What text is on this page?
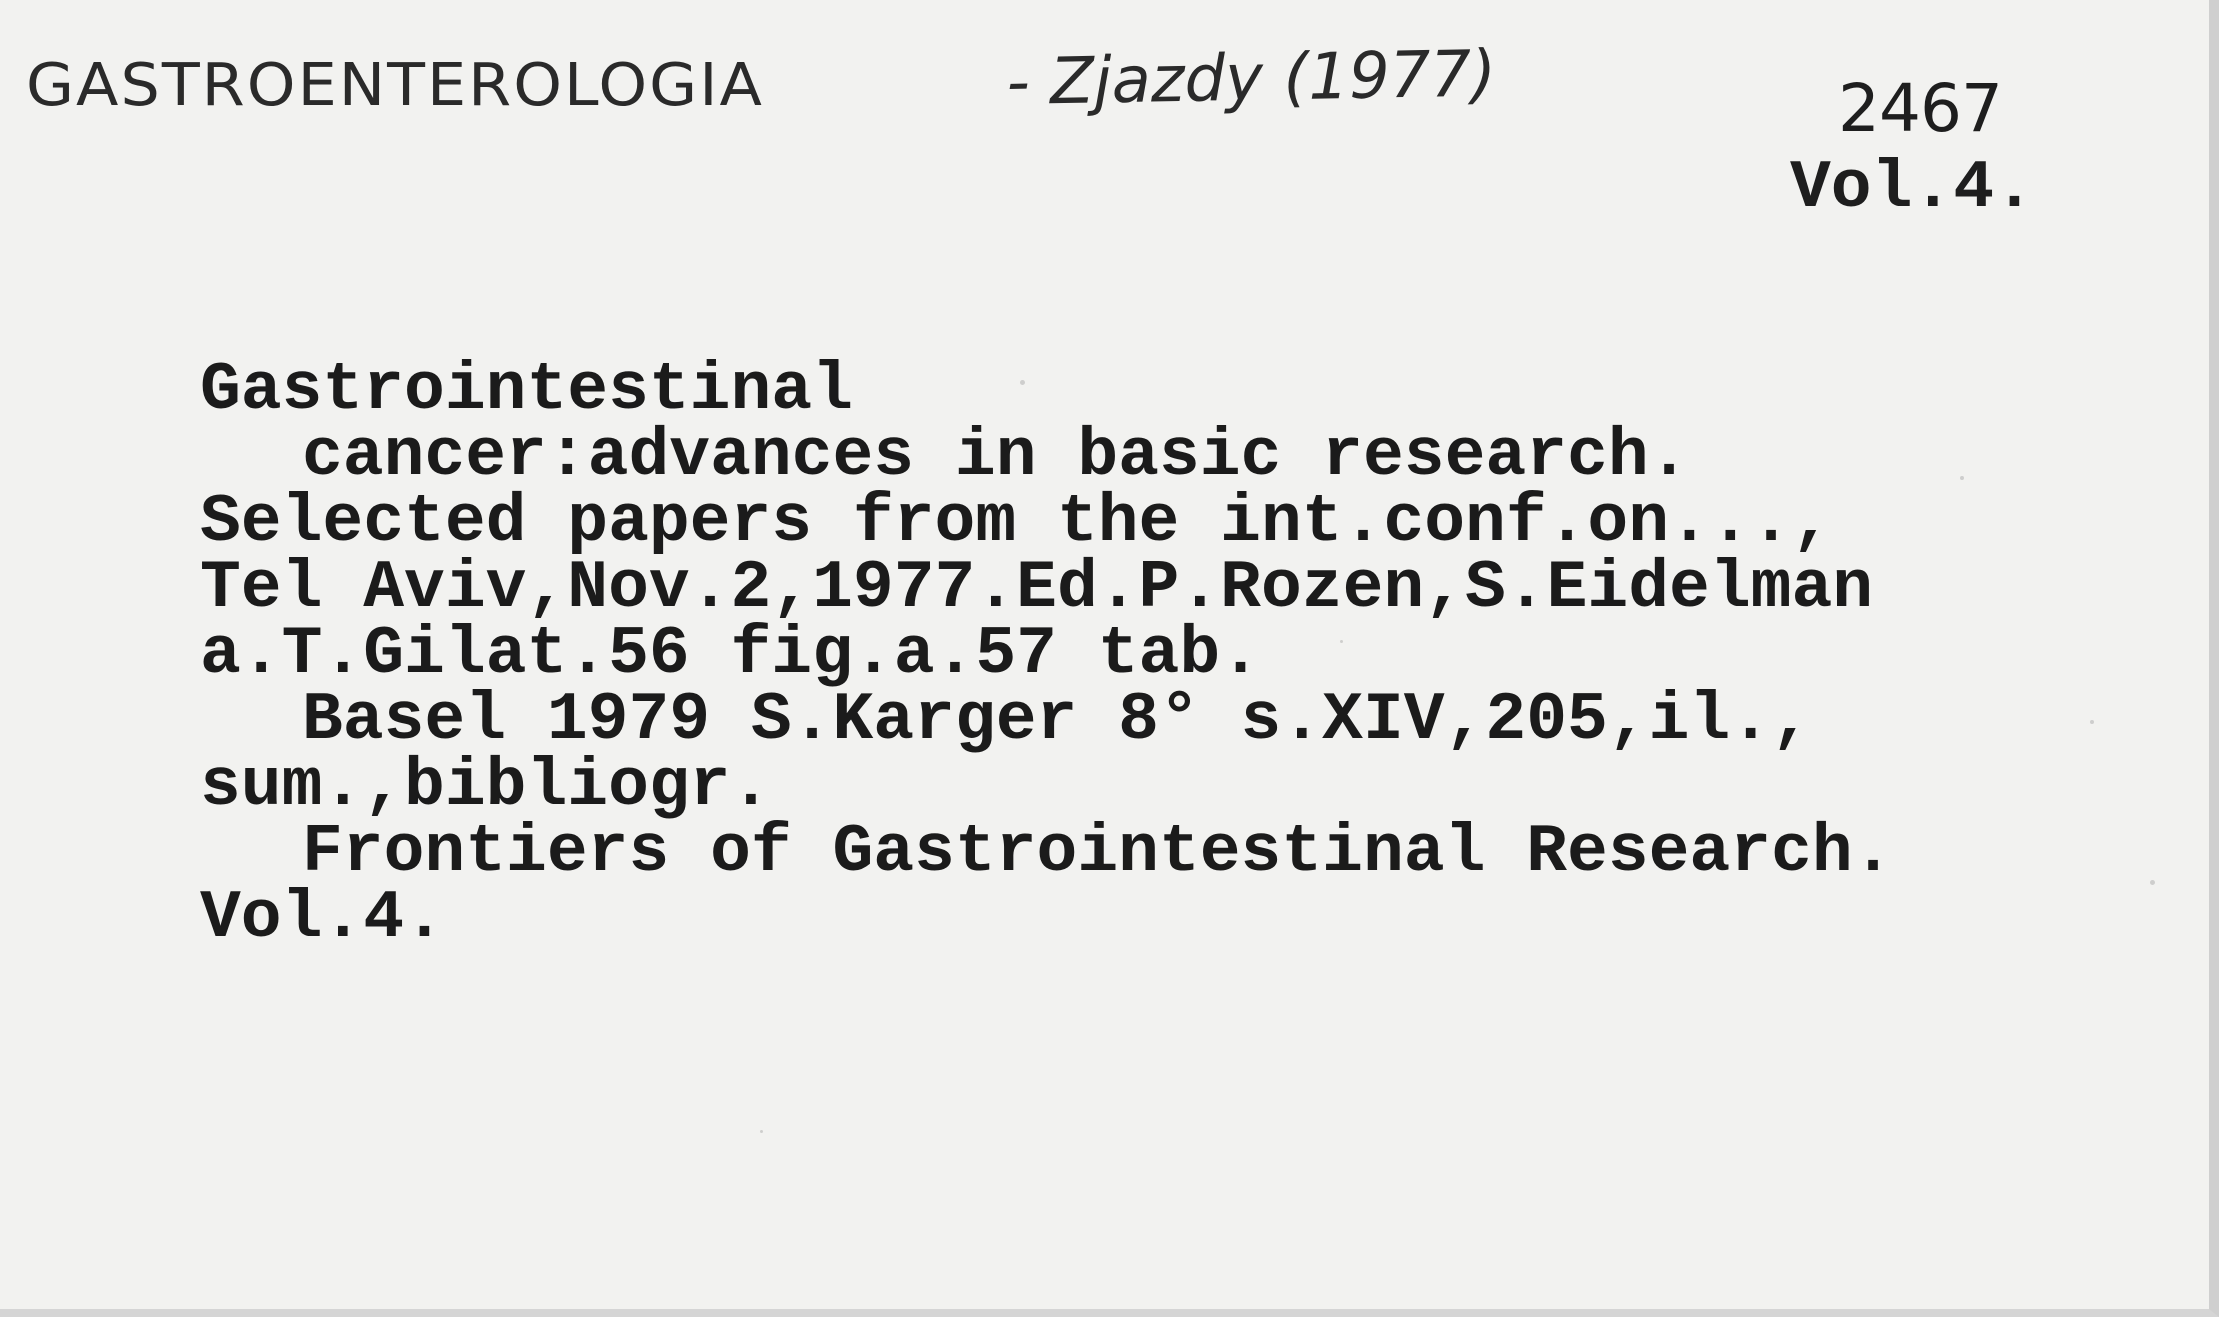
GASTROENTEROLOGIA	- Zjazdy (1977)	2467
Vol.4.
Gastrointestinal
cancer:advances in basic research.
Selected papers from the int.conf.on...,
Tel Aviv,Nov.2,1977.Ed.P.Rozen,S.Eidelman
a.T.Gilat.56 fig.a.57 tab.
Basel 1979 S.Karger 8° s.XIV,205,il.,
sum.,bibliogr.
Frontiers of Gastrointestinal Research.
Vol.4.
